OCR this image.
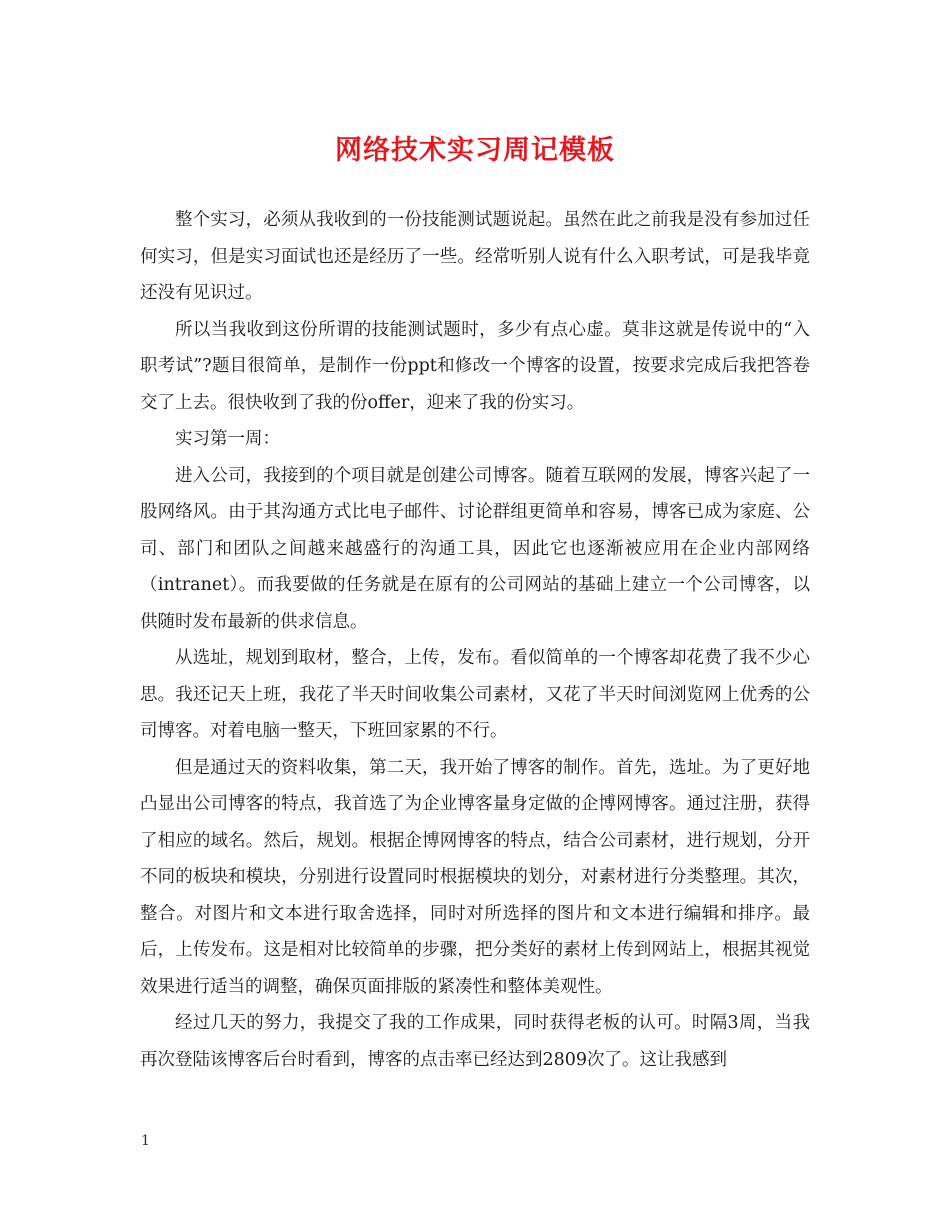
网络技术实习周记模板

整个实习，必须从我收到的一份技能测试题说起。虽然在此之前我是没有参加过任何实习，但是实习面试也还是经历了一些。经常听别人说有什么入职考试，可是我毕竟还没有见识过。

所以当我收到这份所谓的技能测试题时，多少有点心虚。莫非这就是传说中的“入职考试”?题目很简单，是制作一份ppt和修改一个博客的设置，按要求完成后我把答卷交了上去。很快收到了我的份offer，迎来了我的份实习。

实习第一周：

进入公司，我接到的个项目就是创建公司博客。随着互联网的发展，博客兴起了一股网络风。由于其沟通方式比电子邮件、讨论群组更简单和容易，博客已成为家庭、公司、部门和团队之间越来越盛行的沟通工具，因此它也逐渐被应用在企业内部网络（intranet）。而我要做的任务就是在原有的公司网站的基础上建立一个公司博客，以供随时发布最新的供求信息。

从选址，规划到取材，整合，上传，发布。看似简单的一个博客却花费了我不少心思。我还记天上班，我花了半天时间收集公司素材，又花了半天时间浏览网上优秀的公司博客。对着电脑一整天，下班回家累的不行。

但是通过天的资料收集，第二天，我开始了博客的制作。首先，选址。为了更好地凸显出公司博客的特点，我首选了为企业博客量身定做的企博网博客。通过注册，获得了相应的域名。然后，规划。根据企博网博客的特点，结合公司素材，进行规划，分开不同的板块和模块，分别进行设置同时根据模块的划分，对素材进行分类整理。其次，整合。对图片和文本进行取舍选择，同时对所选择的图片和文本进行编辑和排序。最后，上传发布。这是相对比较简单的步骤，把分类好的素材上传到网站上，根据其视觉效果进行适当的调整，确保页面排版的紧凑性和整体美观性。

经过几天的努力，我提交了我的工作成果，同时获得老板的认可。时隔3周，当我再次登陆该博客后台时看到，博客的点击率已经达到2809次了。这让我感到

1
